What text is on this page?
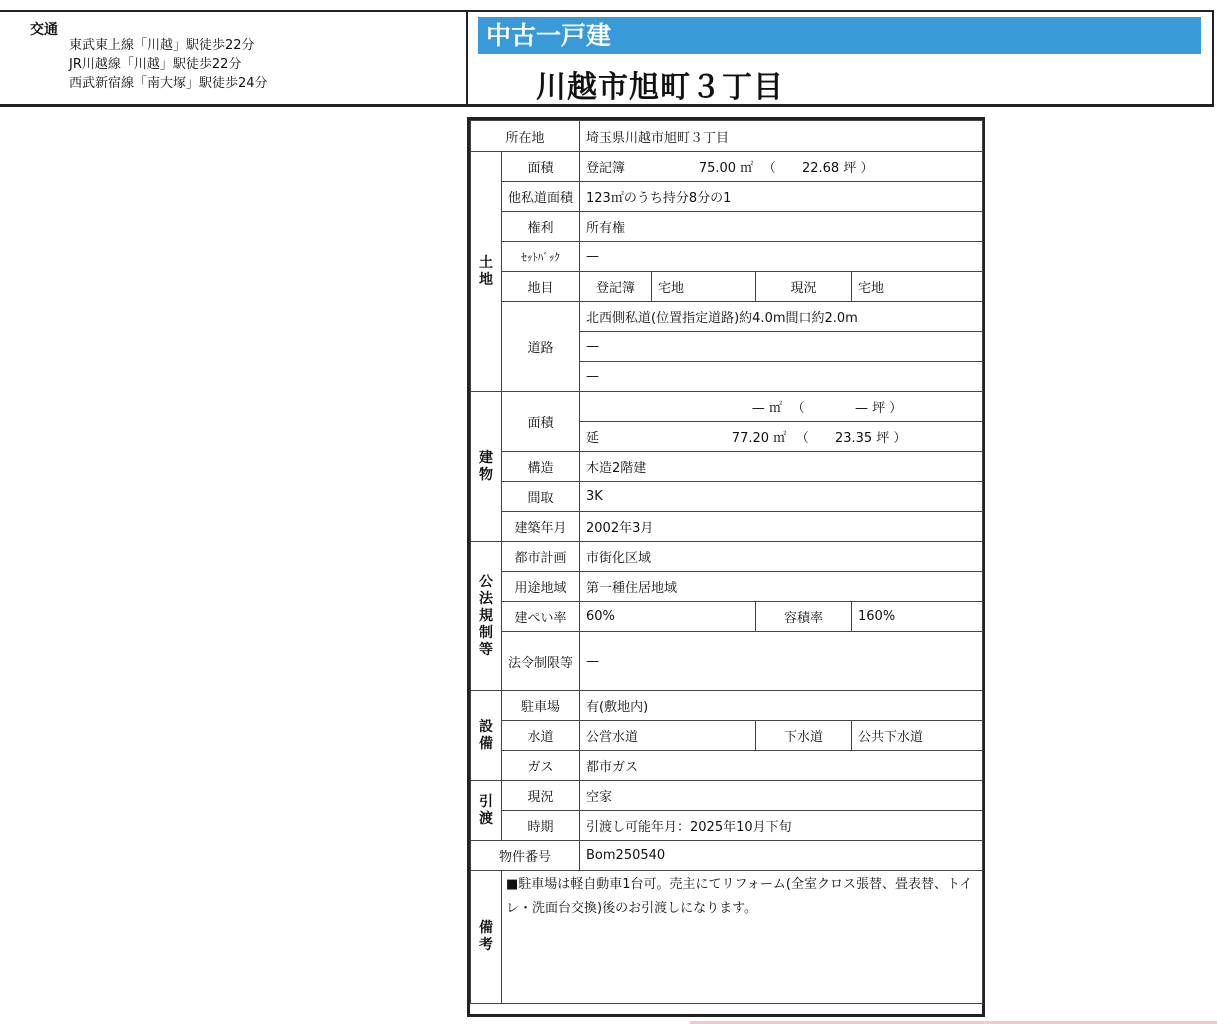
交通
東武東上線「川越」駅徒歩22分
JR川越線「川越」駅徒歩22分
西武新宿線「南大塚」駅徒歩24分
中古一戸建
川越市旭町３丁目
所在地		埼玉県川越市旭町３丁目			
土
地	面積	登記簿 75.00 ㎡ （ 22.68 坪 ）			
	他私道面積	123㎡のうち持分8分の1			
	権利	所有権			
	ｾｯﾄﾊﾞｯｸ	—			
	地目	登記簿	宅地	現況	宅地
	道路	北西側私道(位置指定道路)約4.0m間口約2.0m			
		—			
		—			
建
物	面積	— ㎡ （ — 坪 ）			
		延 77.20 ㎡ （ 23.35 坪 ）			
	構造	木造2階建			
	間取	3K			
	建築年月	2002年3月			
公
法
規
制
等	都市計画	市街化区域			
	用途地域	第一種住居地域			
	建ぺい率	60%		容積率	160%
	法令制限等	—			
設
備	駐車場	有(敷地内)			
	水道	公営水道		下水道	公共下水道
	ガス	都市ガス			
引
渡	現況	空家			
	時期	引渡し可能年月：2025年10月下旬			
物件番号		Bom250540			
備
考	■駐車場は軽自動車1台可。売主にてリフォーム(全室クロス張替、畳表替、トイレ・洗面台交換)後のお引渡しになります。				
